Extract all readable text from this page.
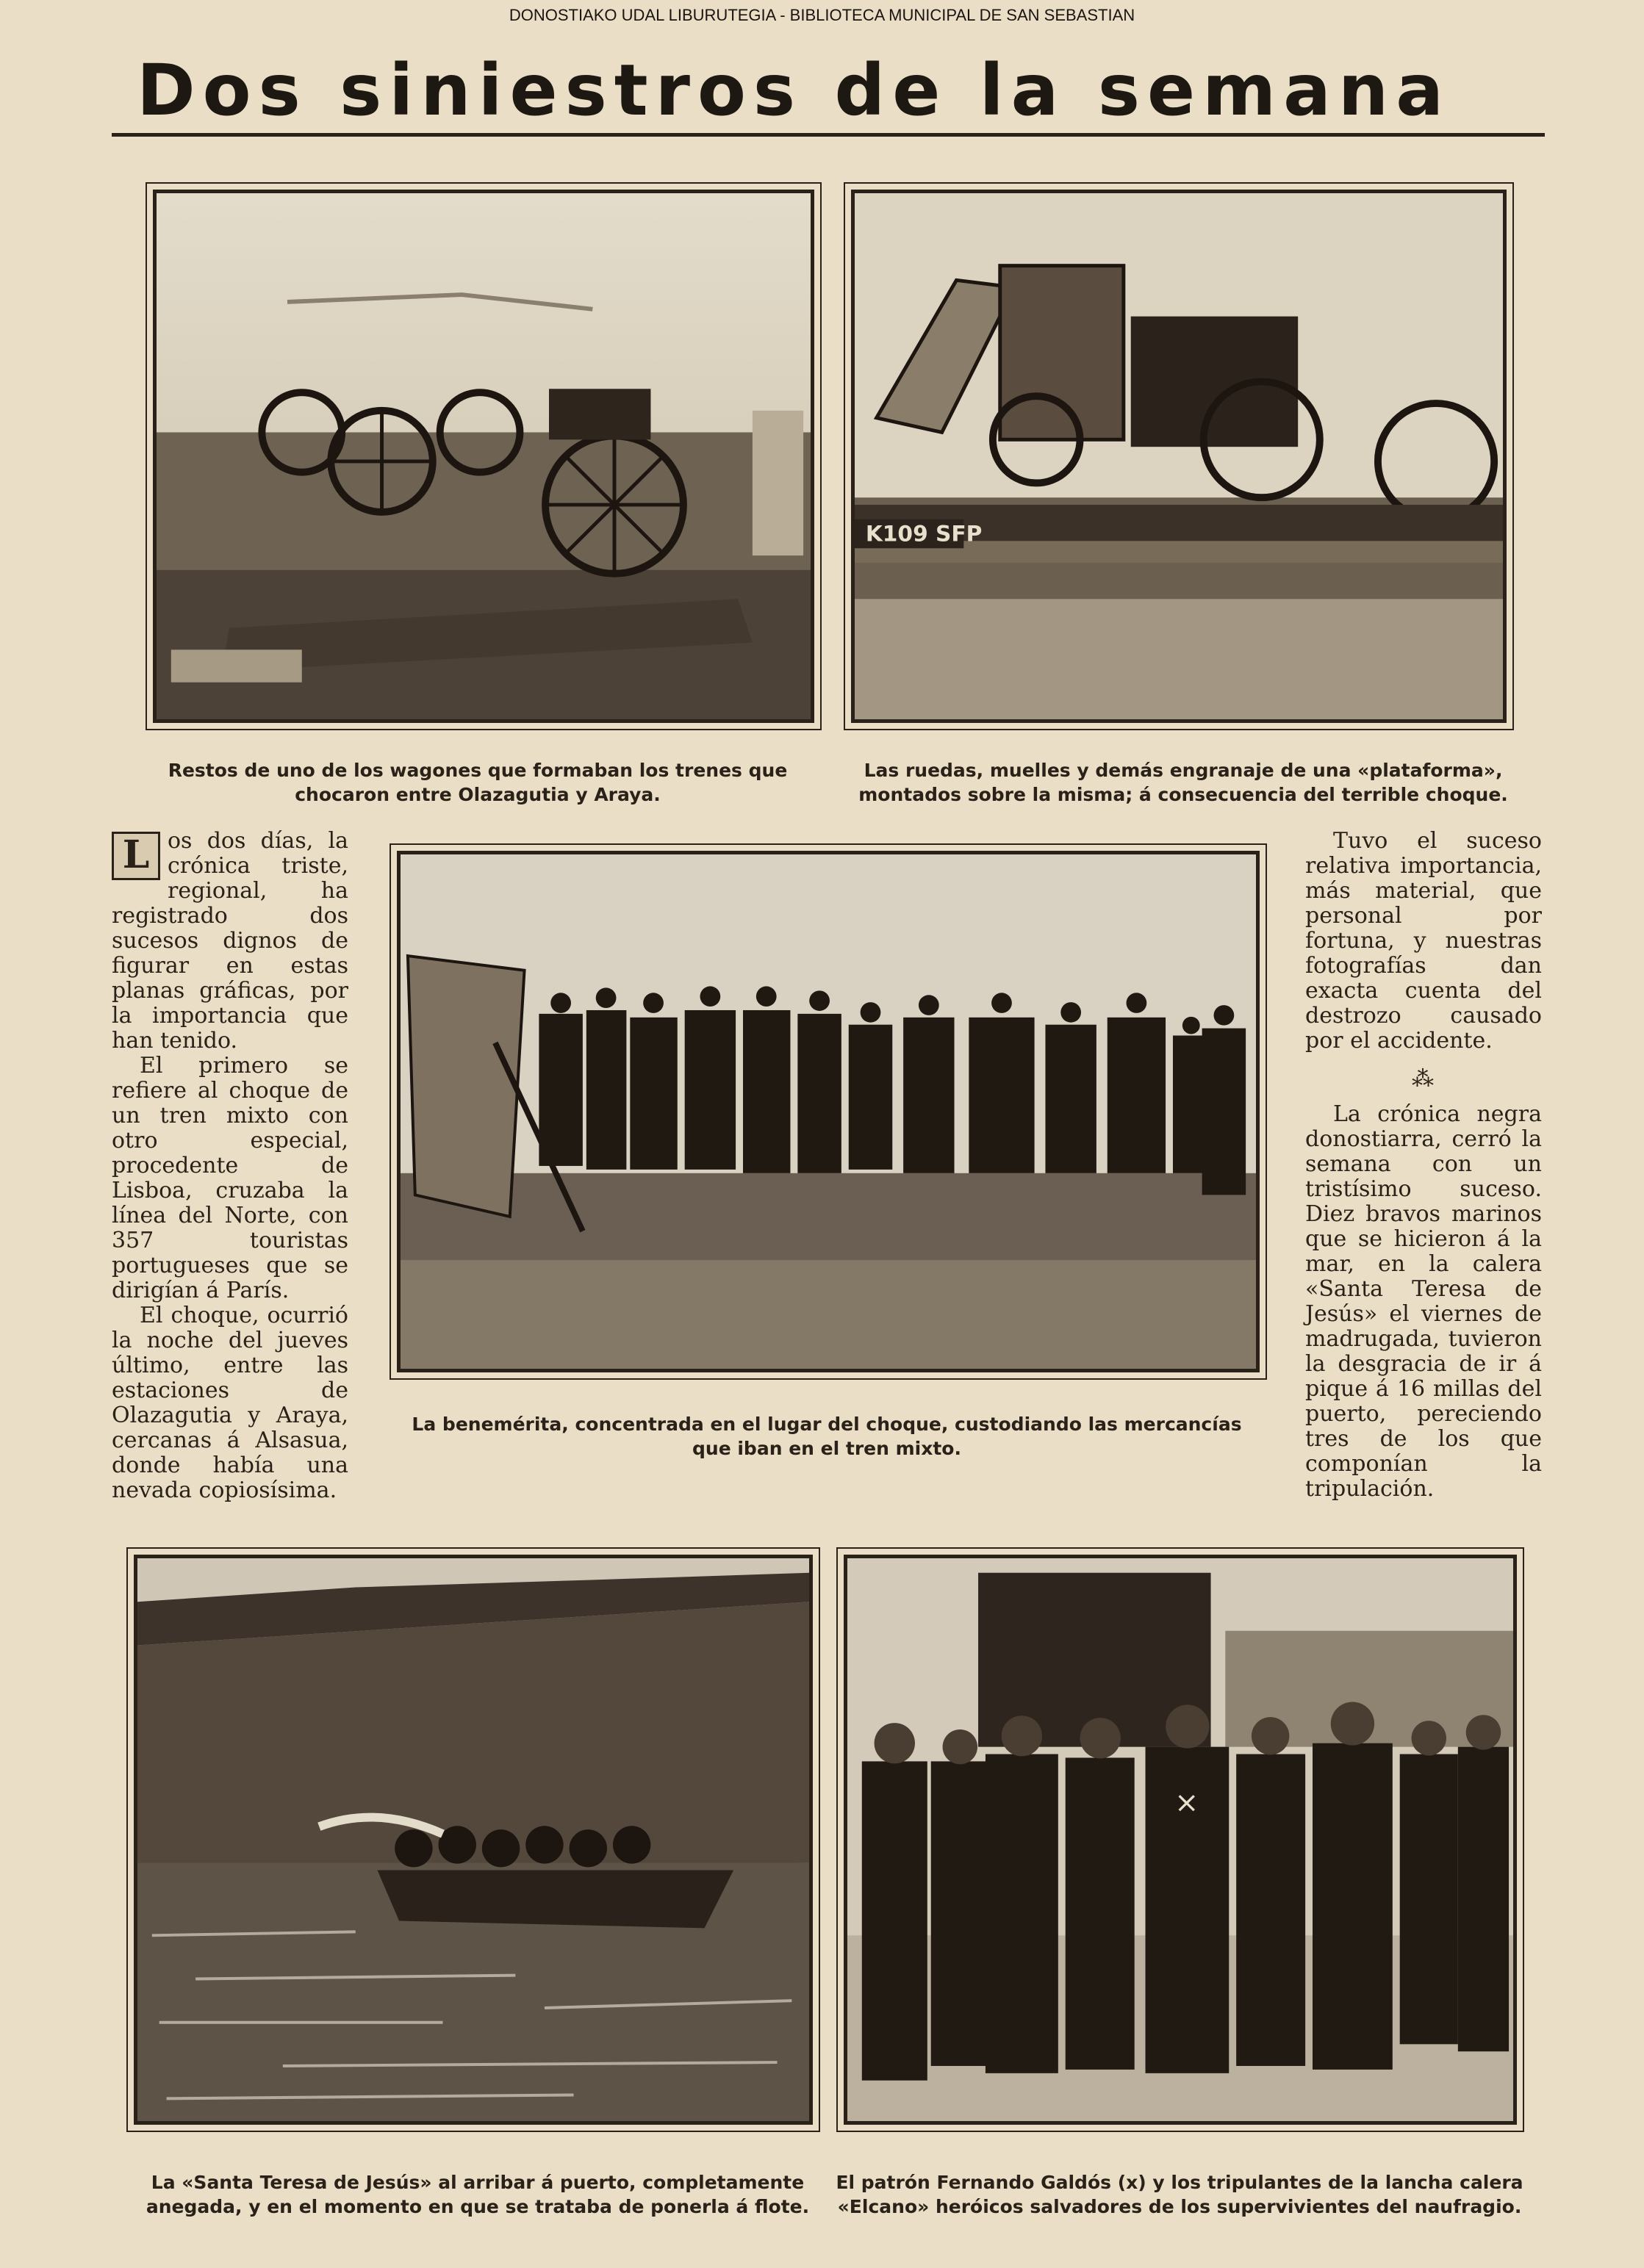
DONOSTIAKO UDAL LIBURUTEGIA - BIBLIOTECA MUNICIPAL DE SAN SEBASTIAN
Dos siniestros de la semana
Restos de uno de los wagones que formaban los trenes que
chocaron entre Olazagutia y Araya.
K109 SFP
Las ruedas, muelles y demás engranaje de una «plataforma»,
montados sobre la misma; á consecuencia del terrible choque.

L os dos días, la crónica triste, regional, ha registrado dos sucesos dignos de figurar en estas planas gráficas, por la importancia que han tenido.

El primero se refiere al choque de un tren mixto con otro especial, procedente de Lisboa, cruzaba la línea del Norte, con 357 touristas portugueses que se dirigían á París.

El choque, ocurrió la noche del jueves último, entre las estaciones de Olazagutia y Araya, cercanas á Alsasua, donde había una nevada copiosísima.

La benemérita, concentrada en el lugar del choque, custodiando las mercancías
que iban en el tren mixto.

Tuvo el suceso relativa importancia, más material, que personal por fortuna, y nuestras fotografías dan exacta cuenta del destrozo causado por el accidente.

⁂

La crónica negra donostiarra, cerró la semana con un tristísimo suceso. Diez bravos marinos que se hicieron á la mar, en la calera «Santa Teresa de Jesús» el viernes de madrugada, tuvieron la desgracia de ir á pique á 16 millas del puerto, pereciendo tres de los que componían la tripulación.

La «Santa Teresa de Jesús» al arribar á puerto, completamente
anegada, y en el momento en que se trataba de ponerla á flote.
×
El patrón Fernando Galdós (x) y los tripulantes de la lancha calera
«Elcano» heróicos salvadores de los supervivientes del naufragio.
